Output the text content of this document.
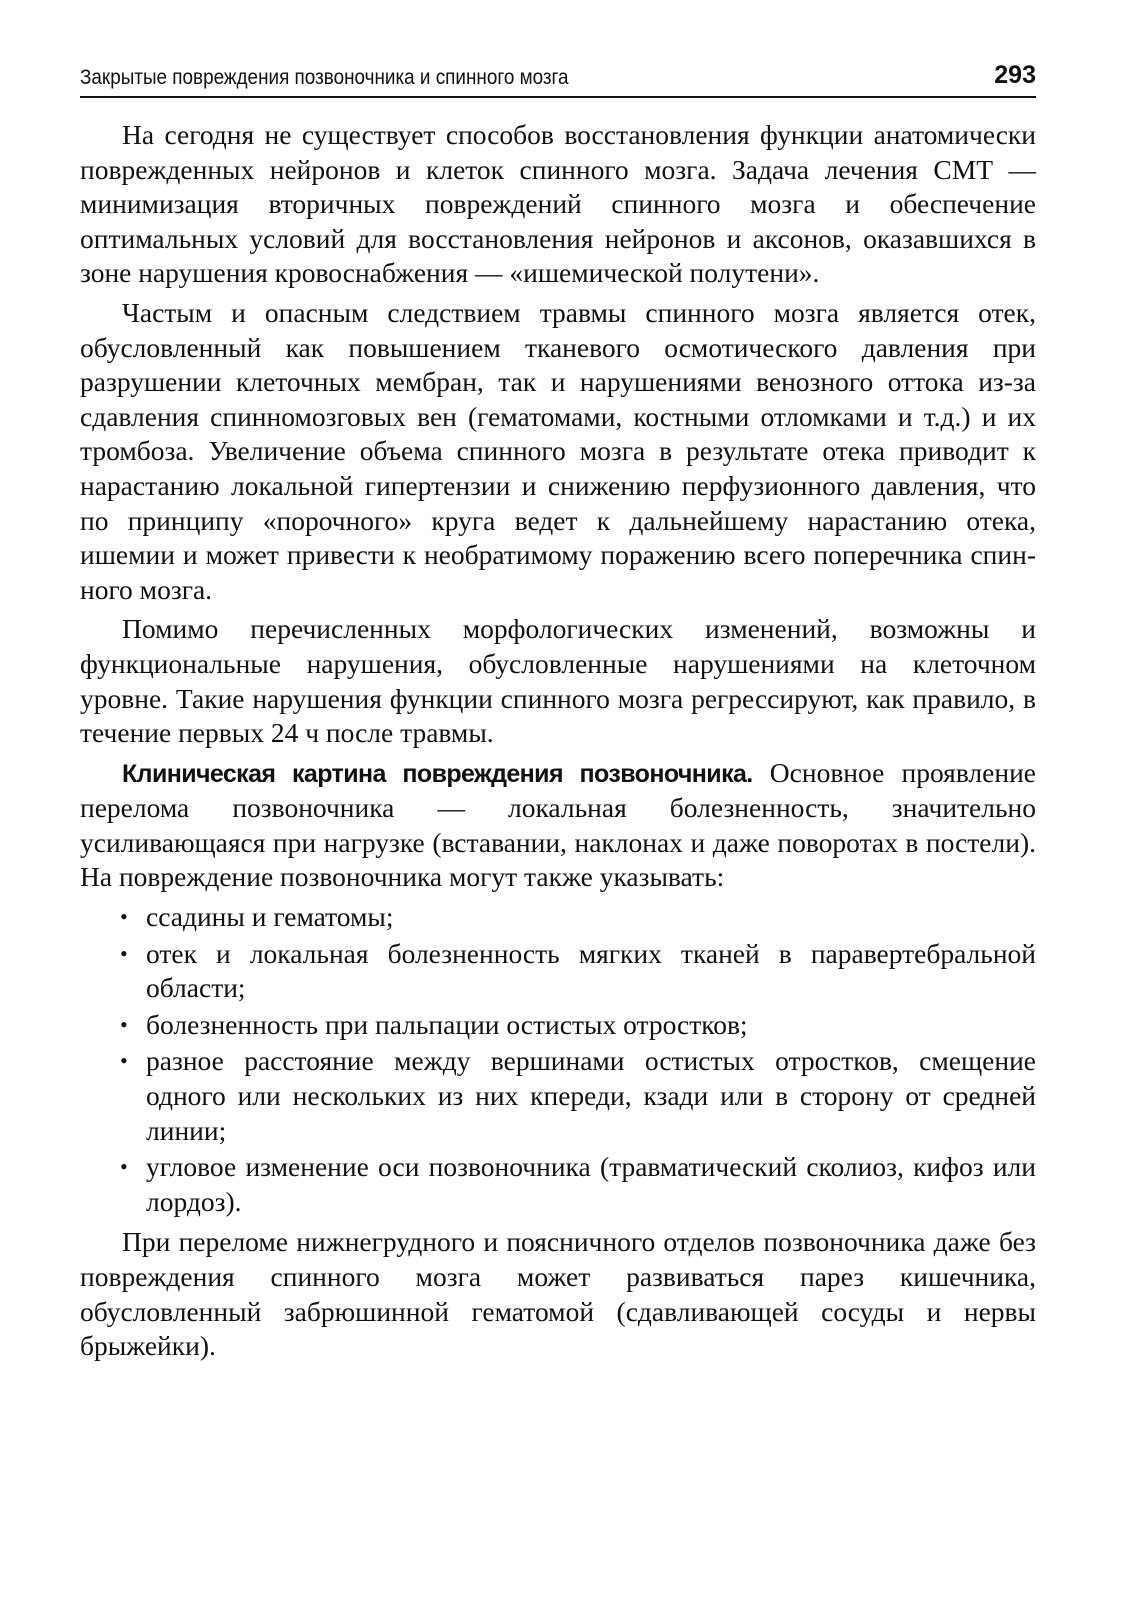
Закрытые повреждения позвоночника и спинного мозга	293

На сегодня не существует способов восстановления функции анатомически поврежденных нейронов и клеток спинного мозга. Задача лечения СМТ — минимизация вторичных повреждений спинного мозга и обеспечение оптимальных условий для восстановления нейронов и аксонов, оказавшихся в зоне нарушения кровоснабжения — «ишемической полутени».

Частым и опасным следствием травмы спинного мозга является отек, обусловленный как повышением тканевого осмотического давления при разрушении клеточных мембран, так и нарушениями венозного оттока из-за сдавления спинномозговых вен (гематомами, костными отломками и т.д.) и их тромбоза. Увеличение объема спинного мозга в результате отека приводит к нарастанию локальной гипертензии и снижению перфузионного давления, что по принципу «порочного» круга ведет к дальнейшему нарастанию отека, ишемии и может привести к необратимому поражению всего поперечника спинного мозга.

Помимо перечисленных морфологических изменений, возможны и функциональные нарушения, обусловленные нарушениями на клеточном уровне. Такие нарушения функции спинного мозга регрессируют, как правило, в течение первых 24 ч после травмы.

Клиническая картина повреждения позвоночника. Основное проявление перелома позвоночника — локальная болезненность, значительно усиливающаяся при нагрузке (вставании, наклонах и даже поворотах в постели). На повреждение позвоночника могут также указывать:

• ссадины и гематомы;
• отек и локальная болезненность мягких тканей в паравертебральной области;
• болезненность при пальпации остистых отростков;
• разное расстояние между вершинами остистых отростков, смещение одного или нескольких из них кпереди, кзади или в сторону от средней линии;
• угловое изменение оси позвоночника (травматический сколиоз, кифоз или лордоз).

При переломе нижнегрудного и поясничного отделов позвоночника даже без повреждения спинного мозга может развиваться парез кишечника, обусловленный забрюшинной гематомой (сдавливающей сосуды и нервы брыжейки).
